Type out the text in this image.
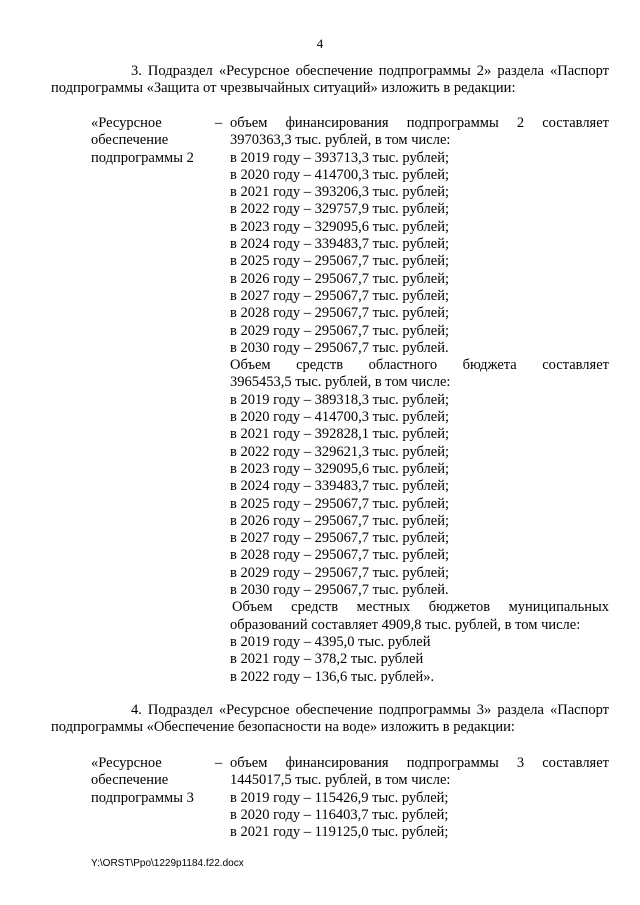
4
3. Подраздел «Ресурсное обеспечение подпрограммы 2» раздела «Паспорт
подпрограммы «Защита от чрезвычайных ситуаций» изложить в редакции:
«Ресурсное
обеспечение
подпрограммы 2
– объем финансирования подпрограммы 2 составляет
3970363,3 тыс. рублей, в том числе:
в 2019 году – 393713,3 тыс. рублей;
в 2020 году – 414700,3 тыс. рублей;
в 2021 году – 393206,3 тыс. рублей;
в 2022 году – 329757,9 тыс. рублей;
в 2023 году – 329095,6 тыс. рублей;
в 2024 году – 339483,7 тыс. рублей;
в 2025 году – 295067,7 тыс. рублей;
в 2026 году – 295067,7 тыс. рублей;
в 2027 году – 295067,7 тыс. рублей;
в 2028 году – 295067,7 тыс. рублей;
в 2029 году – 295067,7 тыс. рублей;
в 2030 году – 295067,7 тыс. рублей.
Объем средств областного бюджета составляет
3965453,5 тыс. рублей, в том числе:
в 2019 году – 389318,3 тыс. рублей;
в 2020 году – 414700,3 тыс. рублей;
в 2021 году – 392828,1 тыс. рублей;
в 2022 году – 329621,3 тыс. рублей;
в 2023 году – 329095,6 тыс. рублей;
в 2024 году – 339483,7 тыс. рублей;
в 2025 году – 295067,7 тыс. рублей;
в 2026 году – 295067,7 тыс. рублей;
в 2027 году – 295067,7 тыс. рублей;
в 2028 году – 295067,7 тыс. рублей;
в 2029 году – 295067,7 тыс. рублей;
в 2030 году – 295067,7 тыс. рублей.
Объем средств местных бюджетов муниципальных
образований составляет 4909,8 тыс. рублей, в том числе:
в 2019 году – 4395,0 тыс. рублей
в 2021 году – 378,2 тыс. рублей
в 2022 году – 136,6 тыс. рублей».
4. Подраздел «Ресурсное обеспечение подпрограммы 3» раздела «Паспорт
подпрограммы «Обеспечение безопасности на воде» изложить в редакции:
«Ресурсное
обеспечение
подпрограммы 3
– объем финансирования подпрограммы 3 составляет
1445017,5 тыс. рублей, в том числе:
в 2019 году – 115426,9 тыс. рублей;
в 2020 году – 116403,7 тыс. рублей;
в 2021 году – 119125,0 тыс. рублей;
Y:\ORST\Ppo\1229p1184.f22.docx
